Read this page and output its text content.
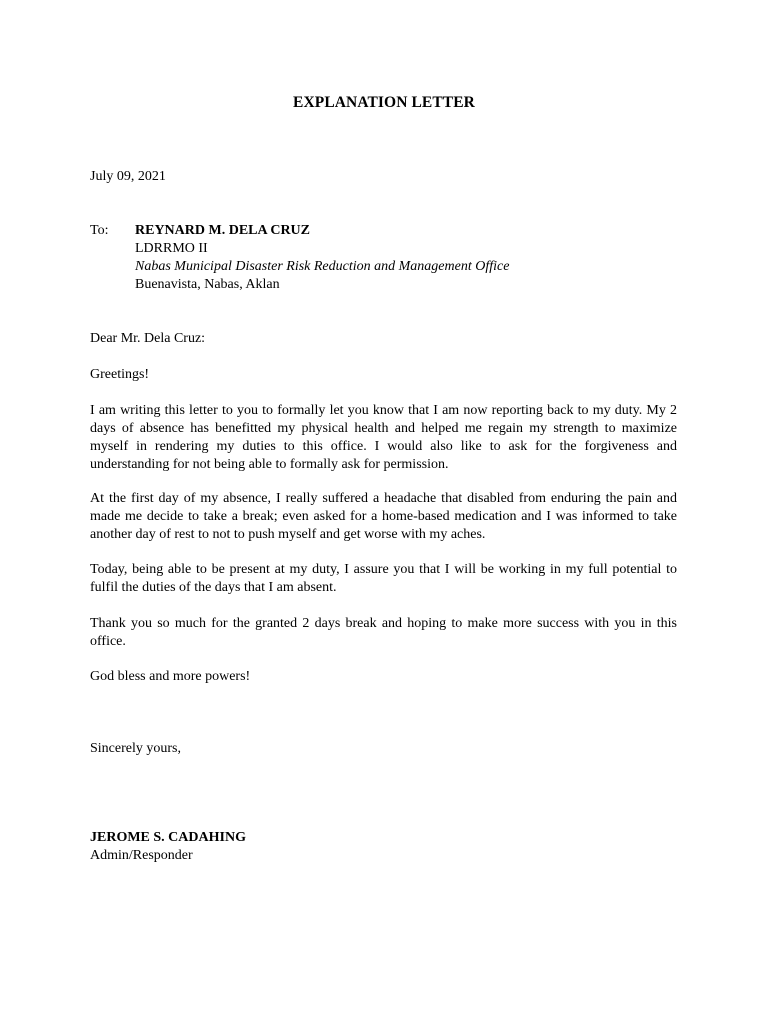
EXPLANATION LETTER
July 09, 2021
To: REYNARD M. DELA CRUZ
LDRRMO II
Nabas Municipal Disaster Risk Reduction and Management Office
Buenavista, Nabas, Aklan
Dear Mr. Dela Cruz:
Greetings!
I am writing this letter to you to formally let you know that I am now reporting back to my duty. My 2 days of absence has benefitted my physical health and helped me regain my strength to maximize myself in rendering my duties to this office. I would also like to ask for the forgiveness and understanding for not being able to formally ask for permission.
At the first day of my absence, I really suffered a headache that disabled from enduring the pain and made me decide to take a break; even asked for a home-based medication and I was informed to take another day of rest to not to push myself and get worse with my aches.
Today, being able to be present at my duty, I assure you that I will be working in my full potential to fulfil the duties of the days that I am absent.
Thank you so much for the granted 2 days break and hoping to make more success with you in this office.
God bless and more powers!
Sincerely yours,
JEROME S. CADAHING
Admin/Responder
